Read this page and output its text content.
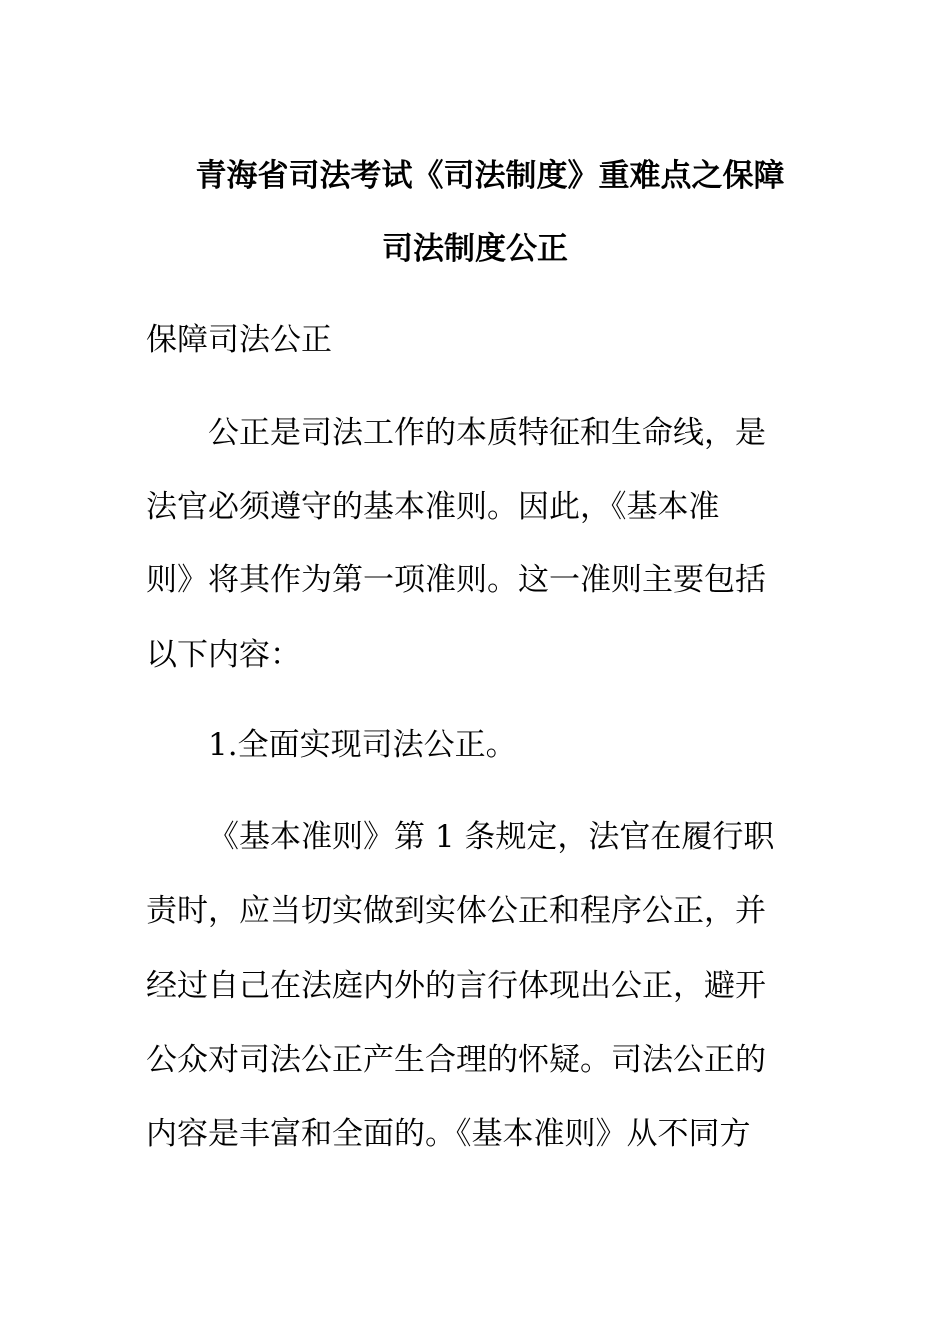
青海省司法考试《司法制度》重难点之保障
司法制度公正
保障司法公正
公正是司法工作的本质特征和生命线，是
法官必须遵守的基本准则。因此，《基本准
则》将其作为第一项准则。这一准则主要包括
以下内容：
1.全面实现司法公正。
《基本准则》第 1 条规定，法官在履行职
责时，应当切实做到实体公正和程序公正，并
经过自己在法庭内外的言行体现出公正，避开
公众对司法公正产生合理的怀疑。司法公正的
内容是丰富和全面的。《基本准则》从不同方
